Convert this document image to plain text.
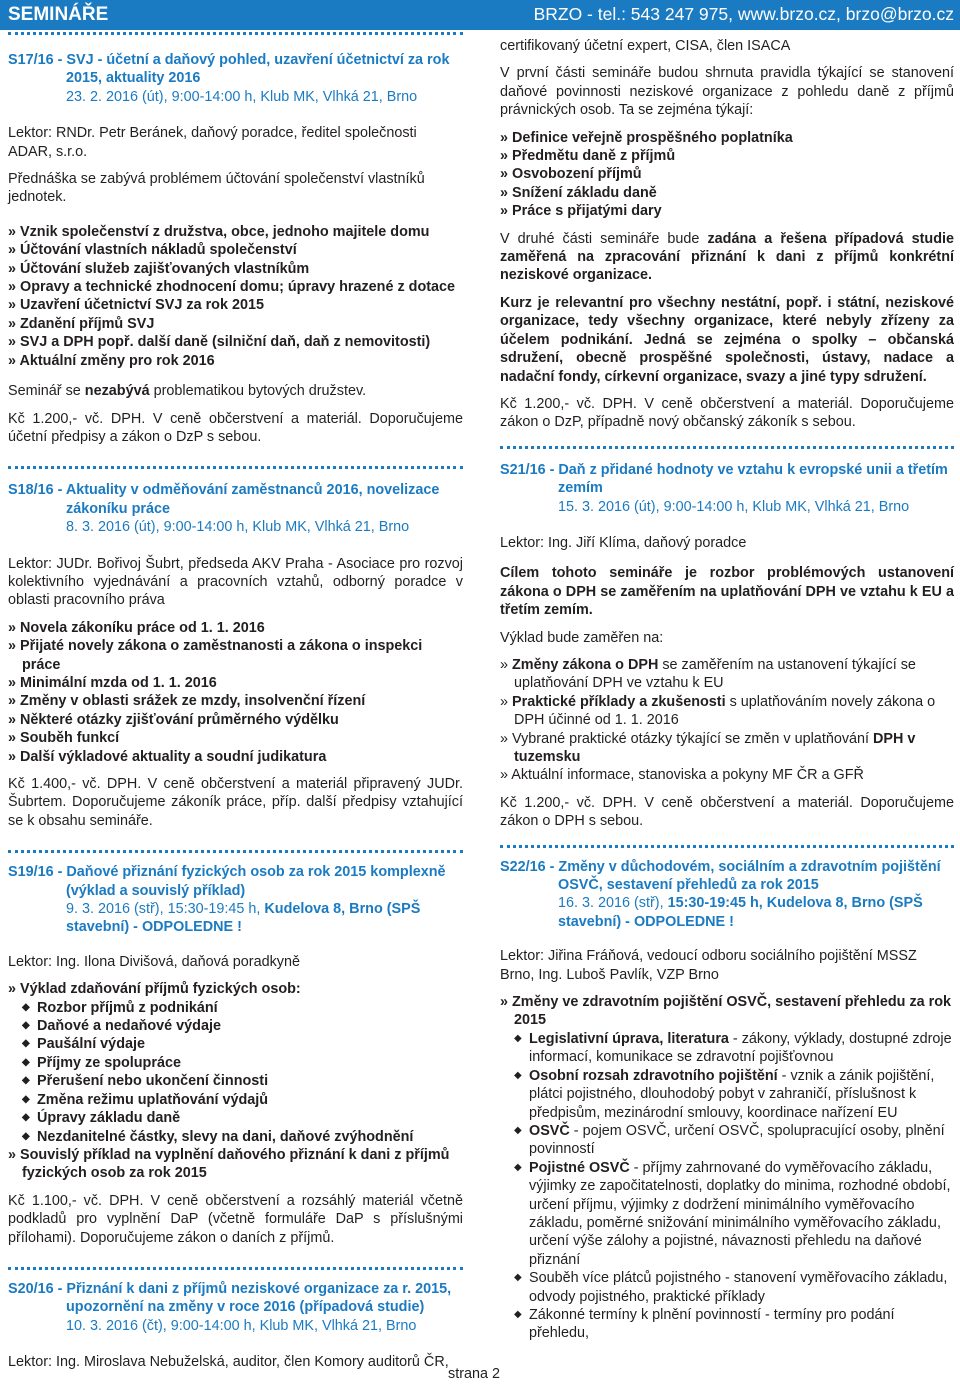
SEMINÁŘE	BRZO - tel.: 543 247 975, www.brzo.cz, brzo@brzo.cz

S17/16 - SVJ - účetní a daňový pohled, uzavření účetnictví za rok 2015, aktuality 2016

23. 2. 2016 (út), 9:00-14:00 h, Klub MK, Vlhká 21, Brno

Lektor: RNDr. Petr Beránek, daňový poradce, ředitel společnosti ADAR, s.r.o.

Přednáška se zabývá problémem účtování společenství vlastníků jednotek.

» Vznik společenství z družstva, obce, jednoho majitele domu
» Účtování vlastních nákladů společenství
» Účtování služeb zajišťovaných vlastníkům
» Opravy a technické zhodnocení domu; úpravy hrazené z dotace
» Uzavření účetnictví SVJ za rok 2015
» Zdanění příjmů SVJ
» SVJ a DPH popř. další daně (silniční daň, daň z nemovitosti)
» Aktuální změny pro rok 2016

Seminář se nezabývá problematikou bytových družstev.

Kč 1.200,- vč. DPH. V ceně občerstvení a materiál. Doporučujeme účetní předpisy a zákon o DzP s sebou.

S18/16 - Aktuality v odměňování zaměstnanců 2016, novelizace zákoníku práce

8. 3. 2016 (út), 9:00-14:00 h, Klub MK, Vlhká 21, Brno

Lektor: JUDr. Bořivoj Šubrt, předseda AKV Praha - Asociace pro rozvoj kolektivního vyjednávání a pracovních vztahů, odborný poradce v oblasti pracovního práva

» Novela zákoníku práce od 1. 1. 2016
» Přijaté novely zákona o zaměstnanosti a zákona o inspekci práce
» Minimální mzda od 1. 1. 2016
» Změny v oblasti srážek ze mzdy, insolvenční řízení
» Některé otázky zjišťování průměrného výdělku
» Souběh funkcí
» Další výkladové aktuality a soudní judikatura

Kč 1.400,- vč. DPH. V ceně občerstvení a materiál připravený JUDr. Šubrtem. Doporučujeme zákoník práce, příp. další předpisy vztahující se k obsahu semináře.

S19/16 - Daňové přiznání fyzických osob za rok 2015 komplexně (výklad a souvislý příklad)

9. 3. 2016 (stř), 15:30-19:45 h, Kudelova 8, Brno (SPŠ stavební) - ODPOLEDNE !

Lektor: Ing. Ilona Divišová, daňová poradkyně

» Výklad zdaňování příjmů fyzických osob:
◆ Rozbor příjmů z podnikání
◆ Daňové a nedaňové výdaje
◆ Paušální výdaje
◆ Příjmy ze spolupráce
◆ Přerušení nebo ukončení činnosti
◆ Změna režimu uplatňování výdajů
◆ Úpravy základu daně
◆ Nezdanitelné částky, slevy na dani, daňové zvýhodnění
» Souvislý příklad na vyplnění daňového přiznání k dani z příjmů fyzických osob za rok 2015

Kč 1.100,- vč. DPH. V ceně občerstvení a rozsáhlý materiál včetně podkladů pro vyplnění DaP (včetně formuláře DaP s příslušnými přílohami). Doporučujeme zákon o daních z příjmů.

S20/16 - Přiznání k dani z příjmů neziskové organizace za r. 2015, upozornění na změny v roce 2016 (případová studie)

10. 3. 2016 (čt), 9:00-14:00 h, Klub MK, Vlhká 21, Brno

Lektor: Ing. Miroslava Nebuželská, auditor, člen Komory auditorů ČR,

certifikovaný účetní expert, CISA, člen ISACA

V první části semináře budou shrnuta pravidla týkající se stanovení daňové povinnosti neziskové organizace z pohledu daně z příjmů právnických osob. Ta se zejména týkají:

» Definice veřejně prospěšného poplatníka
» Předmětu daně z příjmů
» Osvobození příjmů
» Snížení základu daně
» Práce s přijatými dary

V druhé části semináře bude zadána a řešena případová studie zaměřená na zpracování přiznání k dani z příjmů konkrétní neziskové organizace.

Kurz je relevantní pro všechny nestátní, popř. i státní, neziskové organizace, tedy všechny organizace, které nebyly zřízeny za účelem podnikání. Jedná se zejména o spolky – občanská sdružení, obecně prospěšné společnosti, ústavy, nadace a nadační fondy, církevní organizace, svazy a jiné typy sdružení.

Kč 1.200,- vč. DPH. V ceně občerstvení a materiál. Doporučujeme zákon o DzP, případně nový občanský zákoník s sebou.

S21/16 - Daň z přidané hodnoty ve vztahu k evropské unii a třetím zemím

15. 3. 2016 (út), 9:00-14:00 h, Klub MK, Vlhká 21, Brno

Lektor: Ing. Jiří Klíma, daňový poradce

Cílem tohoto semináře je rozbor problémových ustanovení zákona o DPH se zaměřením na uplatňování DPH ve vztahu k EU a třetím zemím.

Výklad bude zaměřen na:

» Změny zákona o DPH se zaměřením na ustanovení týkající se uplatňování DPH ve vztahu k EU
» Praktické příklady a zkušenosti s uplatňováním novely zákona o DPH účinné od 1. 1. 2016
» Vybrané praktické otázky týkající se změn v uplatňování DPH v tuzemsku
» Aktuální informace, stanoviska a pokyny MF ČR a GFŘ

Kč 1.200,- vč. DPH. V ceně občerstvení a materiál. Doporučujeme zákon o DPH s sebou.

S22/16 - Změny v důchodovém, sociálním a zdravotním pojištění OSVČ, sestavení přehledů za rok 2015

16. 3. 2016 (stř), 15:30-19:45 h, Kudelova 8, Brno (SPŠ stavební) - ODPOLEDNE !

Lektor: Jiřina Fráňová, vedoucí odboru sociálního pojištění MSSZ Brno, Ing. Luboš Pavlík, VZP Brno

» Změny ve zdravotním pojištění OSVČ, sestavení přehledu za rok 2015
◆ Legislativní úprava, literatura - zákony, výklady, dostupné zdroje informací, komunikace se zdravotní pojišťovnou
◆ Osobní rozsah zdravotního pojištění - vznik a zánik pojištění, plátci pojistného, dlouhodobý pobyt v zahraničí, příslušnost k předpisům, mezinárodní smlouvy, koordinace nařízení EU
◆ OSVČ - pojem OSVČ, určení OSVČ, spolupracující osoby, plnění povinností
◆ Pojistné OSVČ - příjmy zahrnované do vyměřovacího základu, výjimky ze započitatelnosti, doplatky do minima, rozhodné období, určení příjmu, výjimky z dodržení minimálního vyměřovacího základu, poměrné snižování minimálního vyměřovacího základu, určení výše zálohy a pojistné, návaznosti přehledu na daňové přiznání
◆ Souběh více plátců pojistného - stanovení vyměřovacího základu, odvody pojistného, praktické příklady
◆ Zákonné termíny k plnění povinností - termíny pro podání přehledu,
strana 2
